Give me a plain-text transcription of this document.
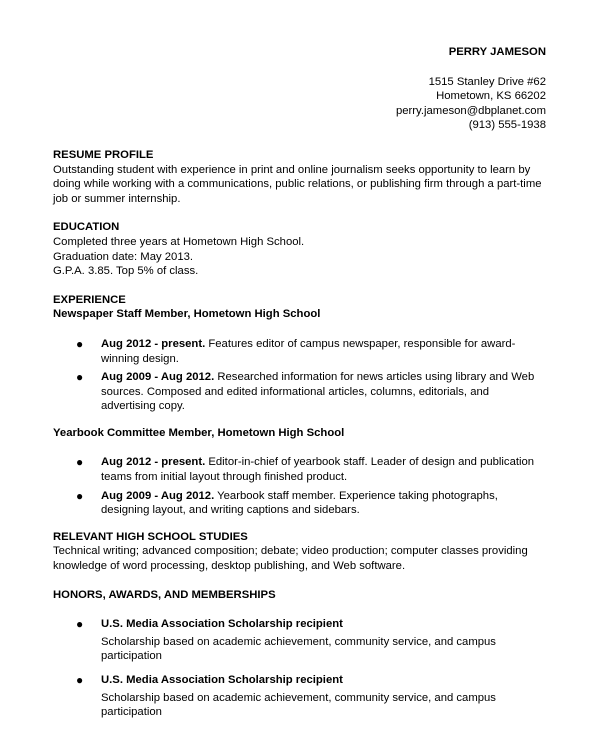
PERRY JAMESON
1515 Stanley Drive #62
Hometown, KS 66202
perry.jameson@dbplanet.com
(913) 555-1938
RESUME PROFILE
Outstanding student with experience in print and online journalism seeks opportunity to learn by doing while working with a communications, public relations, or publishing firm through a part-time job or summer internship.
EDUCATION
Completed three years at Hometown High School.
Graduation date: May 2013.
G.P.A. 3.85. Top 5% of class.
EXPERIENCE
Newspaper Staff Member, Hometown High School
● Aug 2012 - present. Features editor of campus newspaper, responsible for award-winning design.
● Aug 2009 - Aug 2012. Researched information for news articles using library and Web sources. Composed and edited informational articles, columns, editorials, and advertising copy.
Yearbook Committee Member, Hometown High School
● Aug 2012 - present. Editor-in-chief of yearbook staff. Leader of design and publication teams from initial layout through finished product.
● Aug 2009 - Aug 2012. Yearbook staff member. Experience taking photographs, designing layout, and writing captions and sidebars.
RELEVANT HIGH SCHOOL STUDIES
Technical writing; advanced composition; debate; video production; computer classes providing knowledge of word processing, desktop publishing, and Web software.
HONORS, AWARDS, AND MEMBERSHIPS
● U.S. Media Association Scholarship recipient
Scholarship based on academic achievement, community service, and campus participation
● U.S. Media Association Scholarship recipient
Scholarship based on academic achievement, community service, and campus participation
